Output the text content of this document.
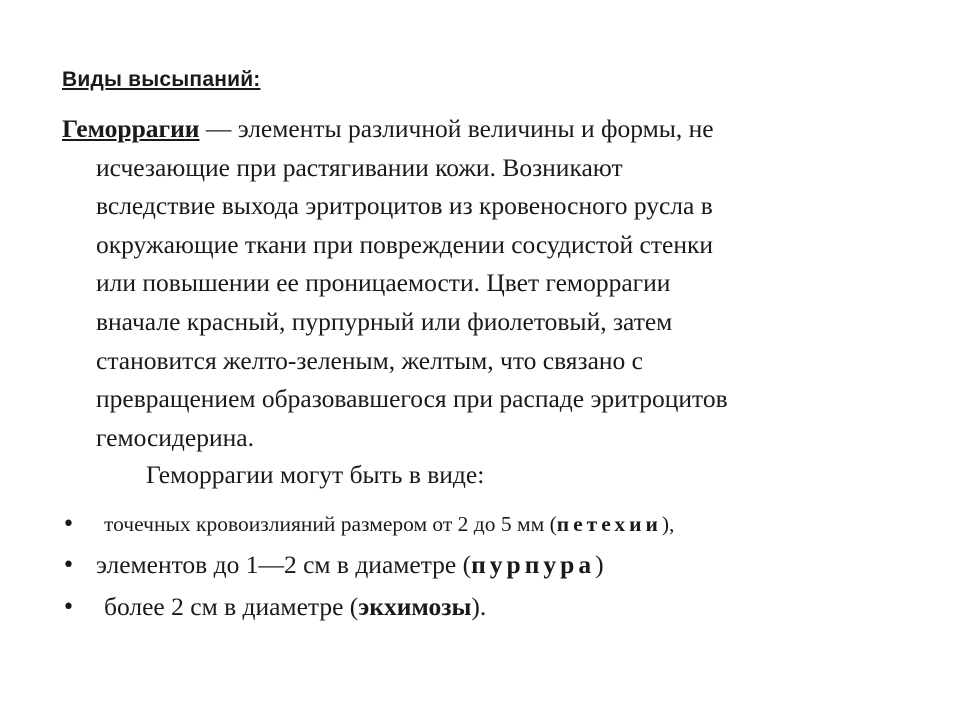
Виды высыпаний:
Геморрагии — элементы различной величины и формы, не
исчезающие при растягивании кожи. Возникают
вследствие выхода эритроцитов из кровеносного русла в
окружающие ткани при повреждении сосудистой стенки
или повышении ее проницаемости. Цвет геморрагии
вначале красный, пурпурный или фиолетовый, затем
становится желто-зеленым, желтым, что связано с
превращением образовавшегося при распаде эритроцитов
гемосидерина.
Геморрагии могут быть в виде:
• точечных кровоизлияний размером от 2 до 5 мм (петехии),
• элементов до 1—2 см в диаметре (пурпура)
• более 2 см в диаметре (экхимозы).
